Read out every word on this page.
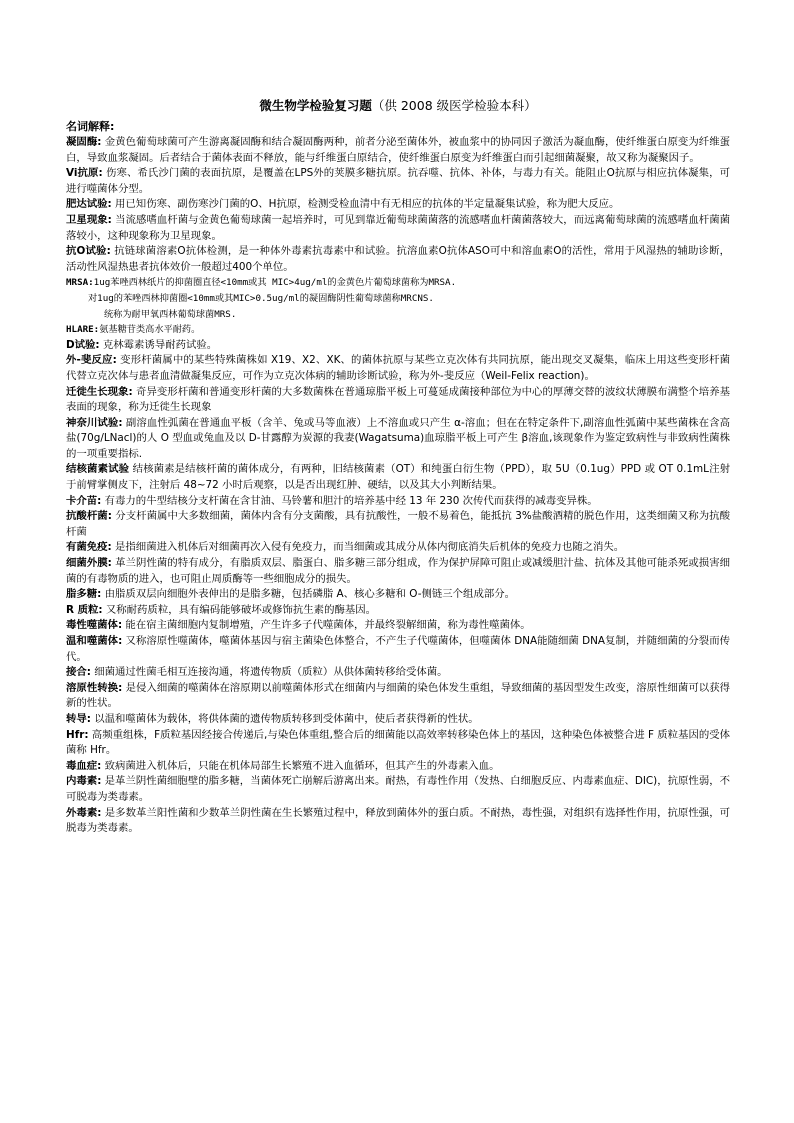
微生物学检验复习题（供 2008 级医学检验本科）
名词解释:

凝固酶: 金黄色葡萄球菌可产生游离凝固酶和结合凝固酶两种，前者分泌至菌体外，被血浆中的协同因子激活为凝血酶，使纤维蛋白原变为纤维蛋白，导致血浆凝固。后者结合于菌体表面不释放，能与纤维蛋白原结合，使纤维蛋白原变为纤维蛋白而引起细菌凝聚，故又称为凝聚因子。

Vi抗原: 伤寒、希氏沙门菌的表面抗原，是覆盖在LPS外的荚膜多糖抗原。抗吞噬、抗体、补体，与毒力有关。能阻止O抗原与相应抗体凝集，可进行噬菌体分型。

肥达试验: 用已知伤寒、副伤寒沙门菌的O、H抗原，检测受检血清中有无相应的抗体的半定量凝集试验，称为肥大反应。

卫星现象: 当流感嗜血杆菌与金黄色葡萄球菌一起培养时，可见到靠近葡萄球菌菌落的流感嗜血杆菌菌落较大，而远离葡萄球菌的流感嗜血杆菌菌落较小，这种现象称为卫星现象。

抗O试验: 抗链球菌溶素O抗体检测，是一种体外毒素抗毒素中和试验。抗溶血素O抗体ASO可中和溶血素O的活性，常用于风湿热的辅助诊断，活动性风湿热患者抗体效价一般超过400个单位。

MRSA:1ug苯唑西林纸片的抑菌圈直径<10mm或其 MIC>4ug/ml的金黄色片葡萄球菌称为MRSA.

对1ug的苯唑西林抑菌圈<10mm或其MIC>0.5ug/ml的凝固酶阴性葡萄球菌称MRCNS.

统称为耐甲氧西林葡萄球菌MRS.

HLARE:氨基糖苷类高水平耐药。

D试验: 克林霉素诱导耐药试验。

外-斐反应: 变形杆菌属中的某些特殊菌株如 X19、X2、XK、的菌体抗原与某些立克次体有共同抗原，能出现交叉凝集，临床上用这些变形杆菌代替立克次体与患者血清做凝集反应，可作为立克次体病的辅助诊断试验，称为外-斐反应（Weil-Felix reaction)。

迁徙生长现象: 奇异变形杆菌和普通变形杆菌的大多数菌株在普通琼脂平板上可蔓延成菌接种部位为中心的厚薄交替的波纹状薄膜布满整个培养基表面的现象，称为迁徙生长现象

神奈川试验: 副溶血性弧菌在普通血平板（含羊、兔或马等血液）上不溶血或只产生 α-溶血；但在在特定条件下,副溶血性弧菌中某些菌株在含高盐(70g/LNacl)的人 O 型血或兔血及以 D-甘露醇为炭源的我妻(Wagatsuma)血琼脂平板上可产生 β溶血,该现象作为鉴定致病性与非致病性菌株的一项重要指标.

结核菌素试验 结核菌素是结核杆菌的菌体成分，有两种，旧结核菌素（OT）和纯蛋白衍生物（PPD），取 5U（0.1ug）PPD 或 OT 0.1mL注射于前臂掌侧皮下，注射后 48~72 小时后观察，以是否出现红肿、硬结，以及其大小判断结果。

卡介苗: 有毒力的牛型结核分支杆菌在含甘油、马铃薯和胆汁的培养基中经 13 年 230 次传代而获得的减毒变异株。

抗酸杆菌: 分支杆菌属中大多数细菌，菌体内含有分支菌酸，具有抗酸性，一般不易着色，能抵抗 3%盐酸酒精的脱色作用，这类细菌又称为抗酸杆菌

有菌免疫: 是指细菌进入机体后对细菌再次入侵有免疫力，而当细菌或其成分从体内彻底消失后机体的免疫力也随之消失。

细菌外膜: 革兰阴性菌的特有成分，有脂质双层、脂蛋白、脂多糖三部分组成，作为保护屏障可阻止或减缓胆汁盐、抗体及其他可能杀死或损害细菌的有毒物质的进入，也可阻止周质酶等一些细胞成分的损失。

脂多糖: 由脂质双层向细胞外表伸出的是脂多糖，包括磷脂 A、核心多糖和 O-侧链三个组成部分。

R 质粒: 又称耐药质粒，具有编码能够破坏或修饰抗生素的酶基因。

毒性噬菌体: 能在宿主菌细胞内复制增殖，产生许多子代噬菌体，并最终裂解细菌，称为毒性噬菌体。

温和噬菌体: 又称溶原性噬菌体，噬菌体基因与宿主菌染色体整合，不产生子代噬菌体，但噬菌体 DNA能随细菌 DNA复制，并随细菌的分裂而传代。

接合: 细菌通过性菌毛相互连接沟通，将遗传物质（质粒）从供体菌转移给受体菌。

溶原性转换: 是侵入细菌的噬菌体在溶原期以前噬菌体形式在细菌内与细菌的染色体发生重组，导致细菌的基因型发生改变，溶原性细菌可以获得新的性状。

转导: 以温和噬菌体为载体，将供体菌的遗传物质转移到受体菌中，使后者获得新的性状。

Hfr: 高频重组株，F质粒基因经接合传递后,与染色体重组,整合后的细菌能以高效率转移染色体上的基因，这种染色体被整合进 F 质粒基因的受体菌称 Hfr。

毒血症: 致病菌进入机体后，只能在机体局部生长繁殖不进入血循环，但其产生的外毒素入血。

内毒素: 是革兰阴性菌细胞壁的脂多糖，当菌体死亡崩解后游离出来。耐热，有毒性作用（发热、白细胞反应、内毒素血症、DIC)，抗原性弱，不可脱毒为类毒素。

外毒素: 是多数革兰阳性菌和少数革兰阴性菌在生长繁殖过程中，释放到菌体外的蛋白质。不耐热，毒性强，对组织有选择性作用，抗原性强，可脱毒为类毒素。
